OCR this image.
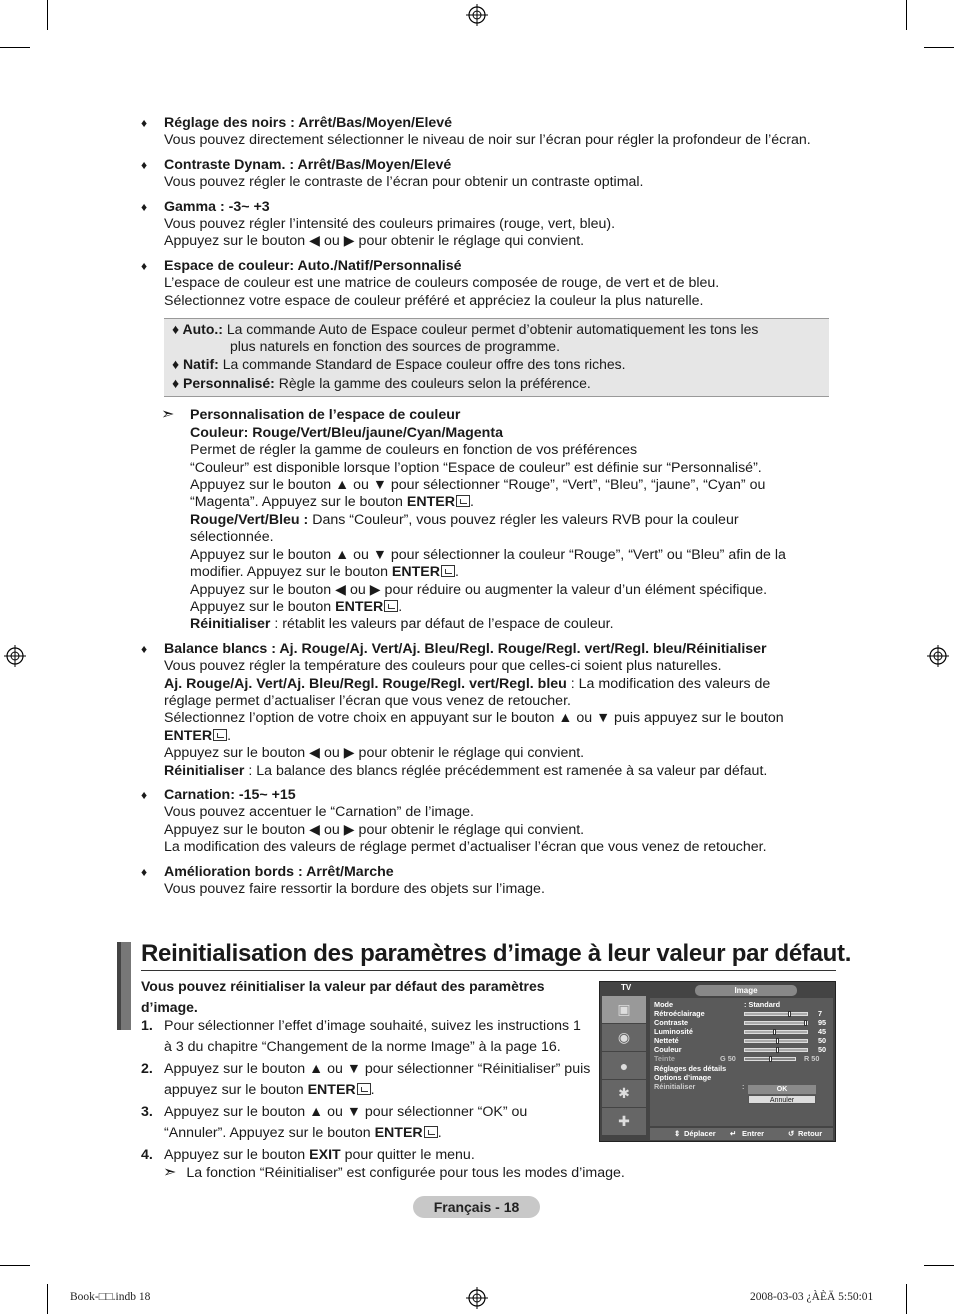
♦ Réglage des noirs : Arrêt/Bas/Moyen/Elevé
Vous pouvez directement sélectionner le niveau de noir sur l’écran pour régler la profondeur de l’écran.
♦ Contraste Dynam. : Arrêt/Bas/Moyen/Elevé
Vous pouvez régler le contraste de l’écran pour obtenir un contraste optimal.
♦ Gamma : -3~ +3
Vous pouvez régler l’intensité des couleurs primaires (rouge, vert, bleu).
Appuyez sur le bouton ◀ ou ▶ pour obtenir le réglage qui convient.
♦ Espace de couleur: Auto./Natif/Personnalisé
L’espace de couleur est une matrice de couleurs composée de rouge, de vert et de bleu.
Sélectionnez votre espace de couleur préféré et appréciez la couleur la plus naturelle.
♦ Auto.: La commande Auto de Espace couleur permet d’obtenir automatiquement les tons les
plus naturels en fonction des sources de programme.
♦ Natif: La commande Standard de Espace couleur offre des tons riches.
♦ Personnalisé: Règle la gamme des couleurs selon la préférence.
➣ Personnalisation de l’espace de couleur
Couleur: Rouge/Vert/Bleu/jaune/Cyan/Magenta
Permet de régler la gamme de couleurs en fonction de vos préférences
“Couleur” est disponible lorsque l’option “Espace de couleur” est définie sur “Personnalisé”.
Appuyez sur le bouton ▲ ou ▼ pour sélectionner “Rouge”, “Vert”, “Bleu”, “jaune”, “Cyan” ou
“Magenta”. Appuyez sur le bouton ENTER .
Rouge/Vert/Bleu : Dans “Couleur”, vous pouvez régler les valeurs RVB pour la couleur
sélectionnée.
Appuyez sur le bouton ▲ ou ▼ pour sélectionner la couleur “Rouge”, “Vert” ou “Bleu” afin de la
modifier. Appuyez sur le bouton ENTER .
Appuyez sur le bouton ◀ ou ▶ pour réduire ou augmenter la valeur d’un élément spécifique.
Appuyez sur le bouton ENTER .
Réinitialiser : rétablit les valeurs par défaut de l’espace de couleur.
♦ Balance blancs : Aj. Rouge/Aj. Vert/Aj. Bleu/Regl. Rouge/Regl. vert/Regl. bleu/Réinitialiser
Vous pouvez régler la température des couleurs pour que celles-ci soient plus naturelles.
Aj. Rouge/Aj. Vert/Aj. Bleu/Regl. Rouge/Regl. vert/Regl. bleu : La modification des valeurs de
réglage permet d’actualiser l’écran que vous venez de retoucher.
Sélectionnez l’option de votre choix en appuyant sur le bouton ▲ ou ▼ puis appuyez sur le bouton
ENTER .
Appuyez sur le bouton ◀ ou ▶ pour obtenir le réglage qui convient.
Réinitialiser : La balance des blancs réglée précédemment est ramenée à sa valeur par défaut.
♦ Carnation: -15~ +15
Vous pouvez accentuer le “Carnation” de l’image.
Appuyez sur le bouton ◀ ou ▶ pour obtenir le réglage qui convient.
La modification des valeurs de réglage permet d’actualiser l’écran que vous venez de retoucher.
♦ Amélioration bords : Arrêt/Marche
Vous pouvez faire ressortir la bordure des objets sur l’image.
Reinitialisation des paramètres d’image à leur valeur par défaut.
Vous pouvez réinitialiser la valeur par défaut des paramètres d’image.
1. Pour sélectionner l’effet d’image souhaité, suivez les instructions 1 à 3 du chapitre “Changement de la norme Image” à la page 16.
2. Appuyez sur le bouton ▲ ou ▼ pour sélectionner “Réinitialiser” puis appuyez sur le bouton ENTER .
3. Appuyez sur le bouton ▲ ou ▼ pour sélectionner “OK” ou “Annuler”. Appuyez sur le bouton ENTER .
4. Appuyez sur le bouton EXIT pour quitter le menu.
➣ La fonction “Réinitialiser” est configurée pour tous les modes d’image.
TV	Image
▣
◉
●
✱
✚
Mode	: Standard
Rétroéclairage	7
Contraste	95
Luminosité	45
Netteté	50
Couleur	50
Teinte	G 50	R 50
Réglages des détails
Options d’image
Réinitialiser	:	OK
Annuler
⇕ Déplacer ↵ Entrer	↺ Retour
Français - 18
Book-□□.indb 18	2008-03-03 ¿ÀÈÄ 5:50:01
